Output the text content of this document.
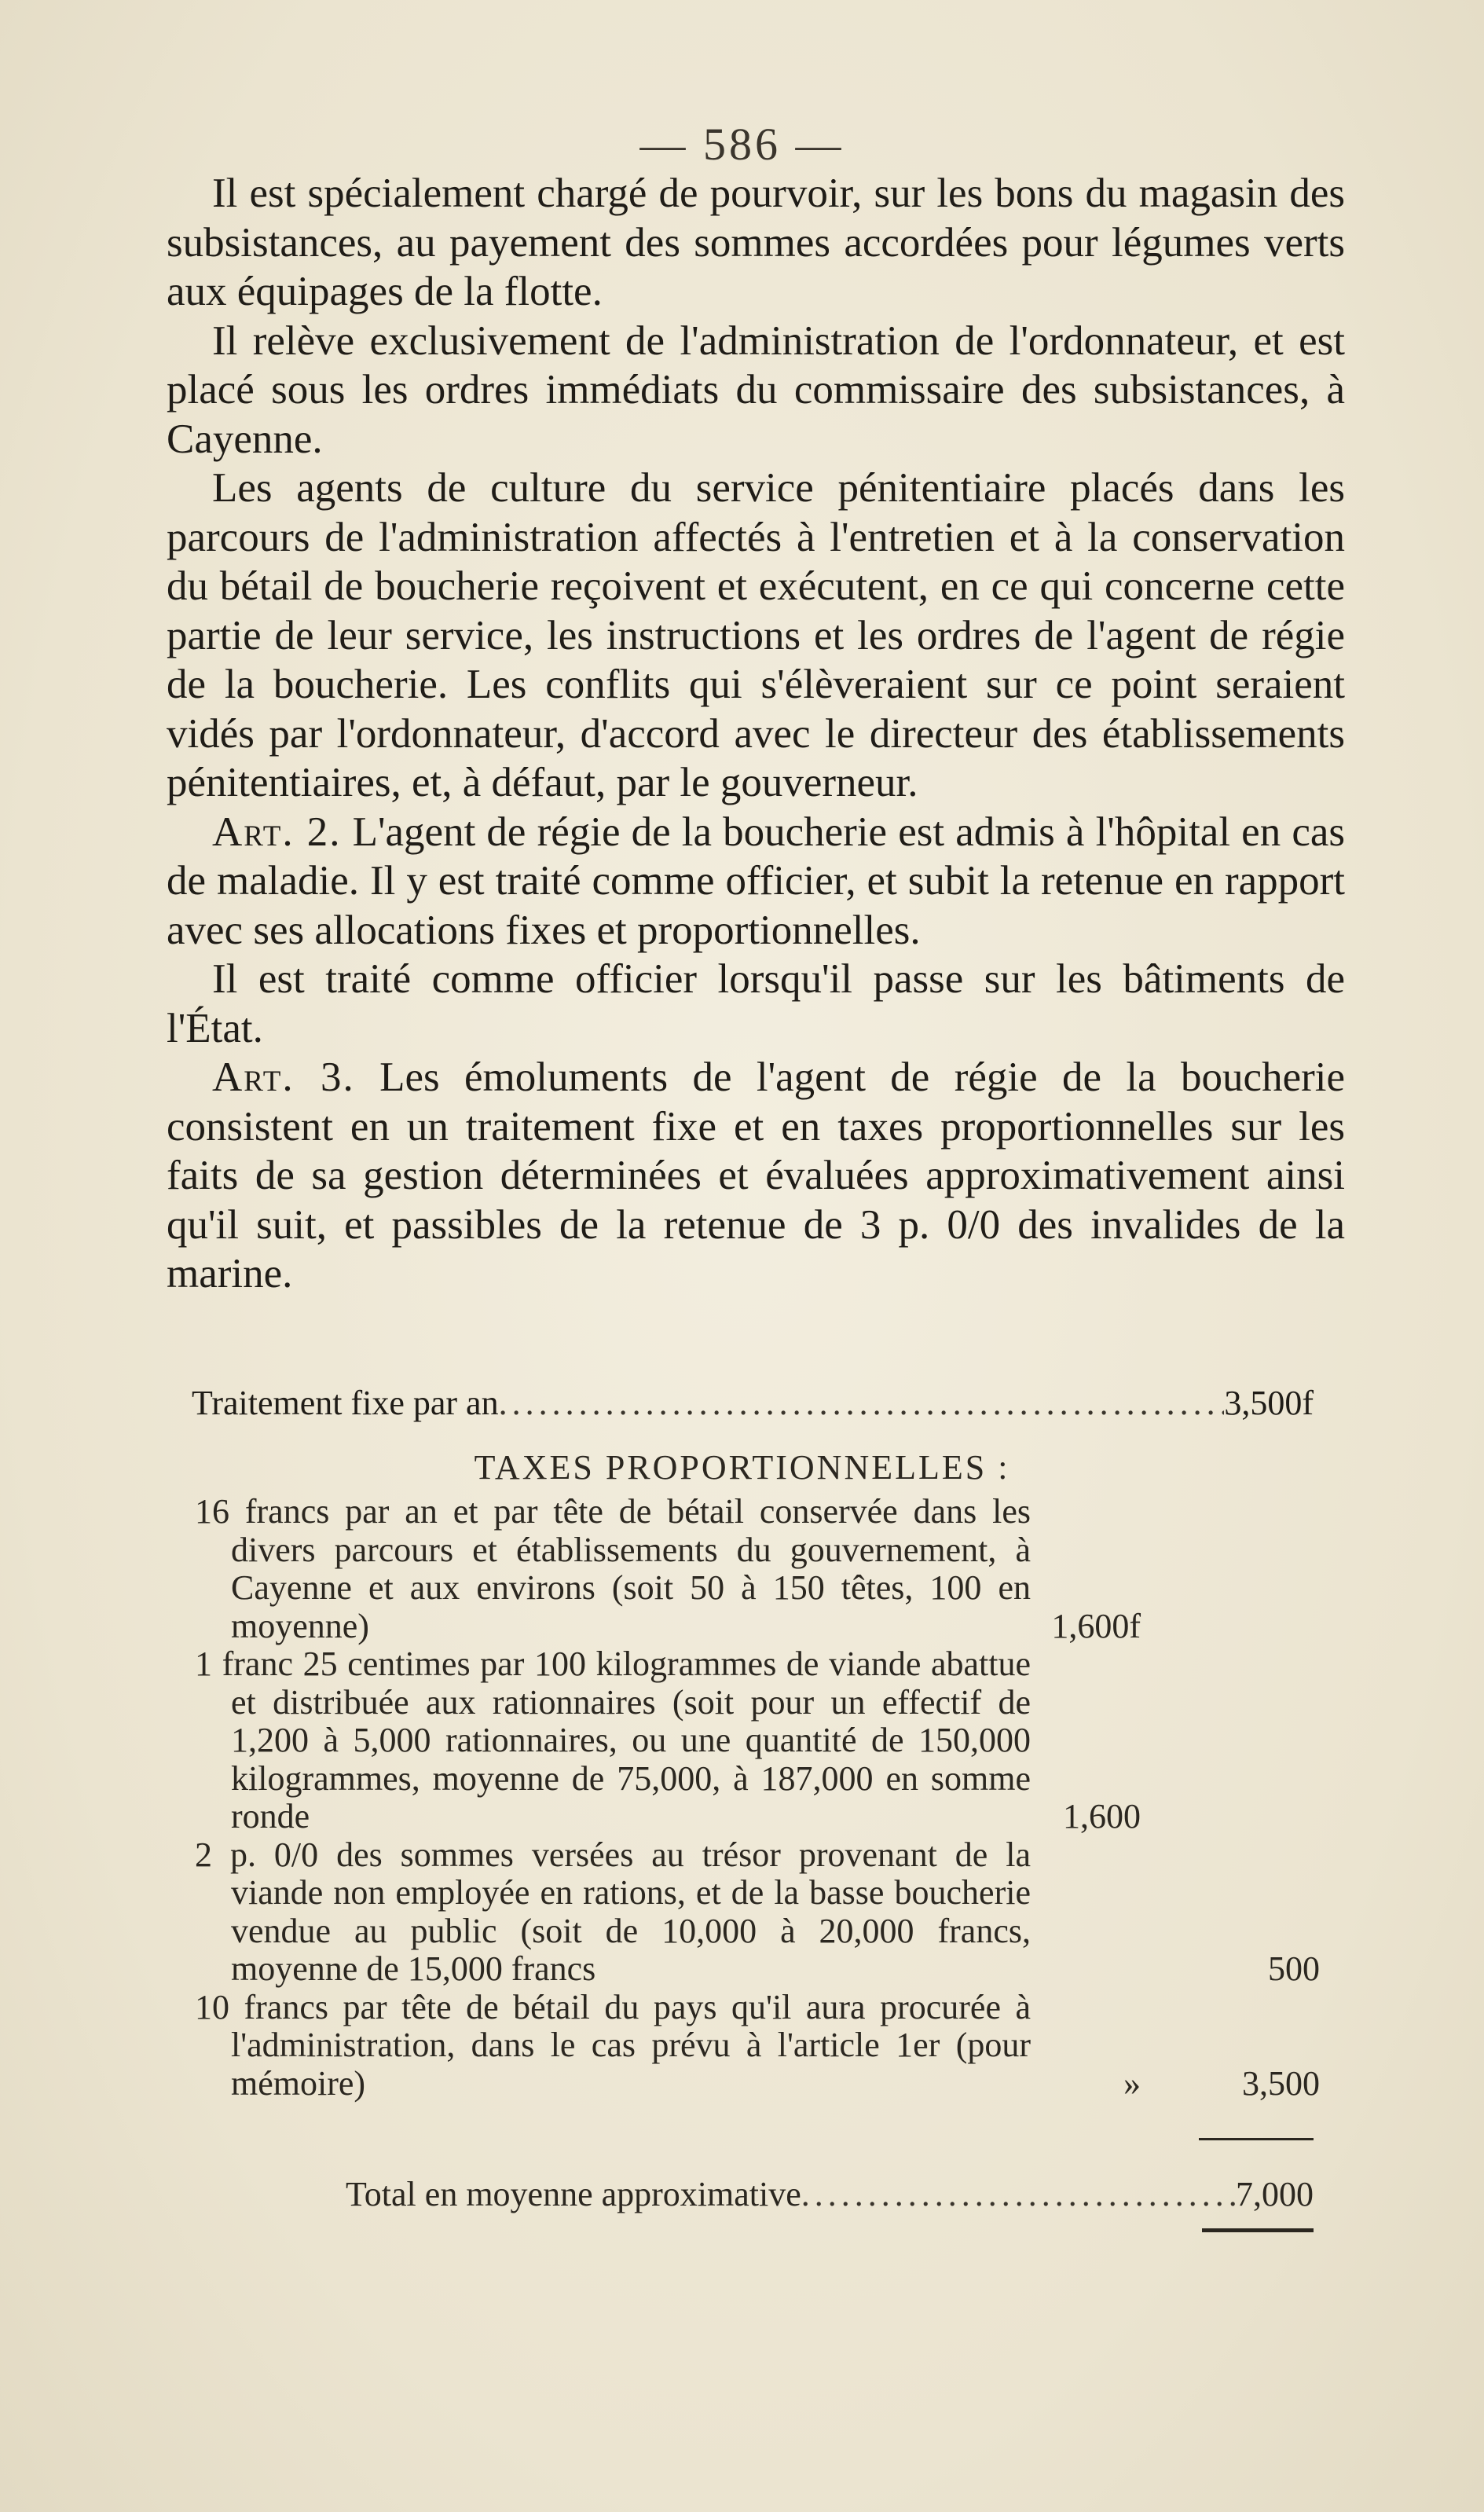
— 586 —

Il est spécialement chargé de pourvoir, sur les bons du magasin des subsistances, au payement des sommes accordées pour légumes verts aux équipages de la flotte.

Il relève exclusivement de l'administration de l'ordonnateur, et est placé sous les ordres immédiats du commissaire des subsistances, à Cayenne.

Les agents de culture du service pénitentiaire placés dans les parcours de l'administration affectés à l'entretien et à la conservation du bétail de boucherie reçoivent et exécutent, en ce qui concerne cette partie de leur service, les instructions et les ordres de l'agent de régie de la boucherie. Les conflits qui s'élèveraient sur ce point seraient vidés par l'ordonnateur, d'accord avec le directeur des établissements pénitentiaires, et, à défaut, par le gouverneur.

Art. 2. L'agent de régie de la boucherie est admis à l'hôpital en cas de maladie. Il y est traité comme officier, et subit la retenue en rapport avec ses allocations fixes et proportionnelles.

Il est traité comme officier lorsqu'il passe sur les bâtiments de l'État.

Art. 3. Les émoluments de l'agent de régie de la boucherie consistent en un traitement fixe et en taxes proportionnelles sur les faits de sa gestion déterminées et évaluées approximativement ainsi qu'il suit, et passibles de la retenue de 3 p. 0/0 des invalides de la marine.

Traitement fixe par an .....	3,500f
TAXES PROPORTIONNELLES :
16 francs par an et par tête de bétail conservée dans les divers parcours et établissements du gouvernement, à Cayenne et aux environs (soit 50 à 150 têtes, 100 en moyenne)	1,600f
1 franc 25 centimes par 100 kilogrammes de viande abattue et distribuée aux rationnaires (soit pour un effectif de 1,200 à 5,000 rationnaires, ou une quantité de 150,000 kilogrammes, moyenne de 75,000, à 187,000 en somme ronde	1,600
2 p. 0/0 des sommes versées au trésor provenant de la viande non employée en rations, et de la basse boucherie vendue au public (soit de 10,000 à 20,000 francs, moyenne de 15,000 francs	500
10 francs par tête de bétail du pays qu'il aura procurée à l'administration, dans le cas prévu à l'article 1er (pour mémoire)	»	3,500
Total en moyenne approximative .....	7,000
